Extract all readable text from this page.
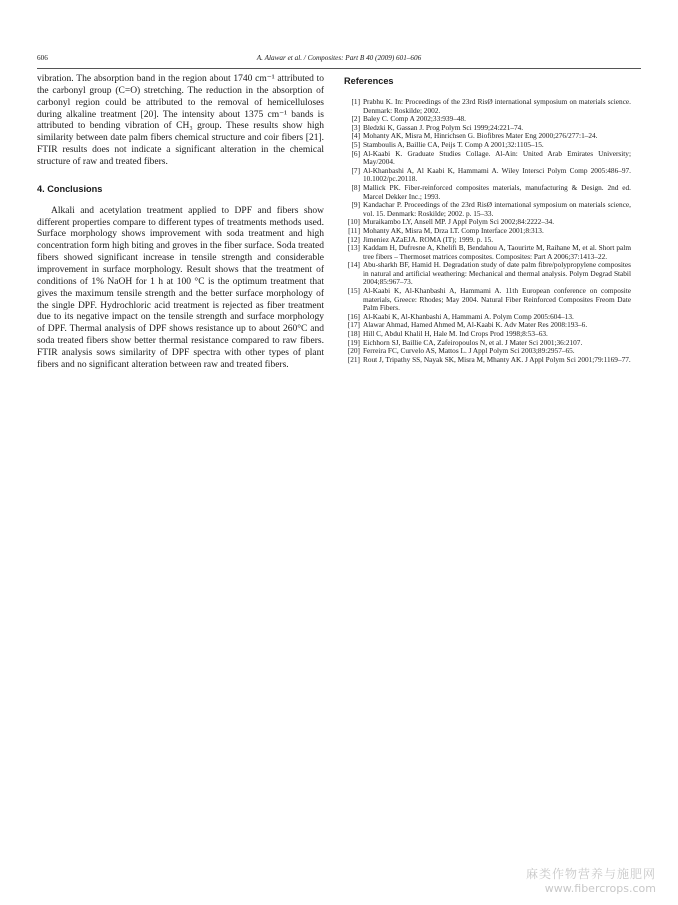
606	A. Alawar et al. / Composites: Part B 40 (2009) 601–606

vibration. The absorption band in the region about 1740 cm⁻¹ attributed to the carbonyl group (C=O) stretching. The reduction in the absorption of carbonyl region could be attributed to the removal of hemicelluloses during alkaline treatment [20]. The intensity about 1375 cm⁻¹ bands is attributed to bending vibration of CH₃ group. These results show high similarity between date palm fibers chemical structure and coir fibers [21]. FTIR results does not indicate a significant alteration in the chemical structure of raw and treated fibers.

4. Conclusions

Alkali and acetylation treatment applied to DPF and fibers show different properties compare to different types of treatments methods used. Surface morphology shows improvement with soda treatment and high concentration form high biting and groves in the fiber surface. Soda treated fibers showed significant increase in tensile strength and considerable improvement in surface morphology. Result shows that the treatment of conditions of 1% NaOH for 1 h at 100 °C is the optimum treatment that gives the maximum tensile strength and the better surface morphology of the single DPF. Hydrochloric acid treatment is rejected as fiber treatment due to its negative impact on the tensile strength and surface morphology of DPF. Thermal analysis of DPF shows resistance up to about 260°C and soda treated fibers show better thermal resistance compared to raw fibers. FTIR analysis sows similarity of DPF spectra with other types of plant fibers and no significant alteration between raw and treated fibers.

References
[1] Prabhu K. In: Proceedings of the 23rd RisØ international symposium on materials science. Denmark: Roskilde; 2002.
[2] Baley C. Comp A 2002;33:939–48.
[3] Bledzki K, Gassan J. Prog Polym Sci 1999;24:221–74.
[4] Mohanty AK, Misra M, Hinrichsen G. Biofibres Mater Eng 2000;276/277:1–24.
[5] Stamboulis A, Baillie CA, Peijs T. Comp A 2001;32:1105–15.
[6] Al-Kaabi K. Graduate Studies Collage. Al-Ain: United Arab Emirates University; May/2004.
[7] Al-Khanbashi A, Al Kaabi K, Hammami A. Wiley Intersci Polym Comp 2005:486–97. 10.1002/pc.20118.
[8] Mallick PK. Fiber-reinforced composites materials, manufacturing & Design. 2nd ed. Marcel Dekker Inc.; 1993.
[9] Kandachar P. Proceedings of the 23rd RisØ international symposium on materials science, vol. 15. Denmark: Roskilde; 2002. p. 15–33.
[10] Muraikambo LY, Ansell MP. J Appl Polym Sci 2002;84:2222–34.
[11] Mohanty AK, Misra M, Drza LT. Comp Interface 2001;8:313.
[12] Jimeniez AZaEJA. ROMA (IT); 1999. p. 15.
[13] Kaddam H, Dufresne A, Khelifi B, Bendahou A, Taourirte M, Raihane M, et al. Short palm tree fibers – Thermoset matrices composites. Composites: Part A 2006;37:1413–22.
[14] Abu-sharkh BF, Hamid H. Degradation study of date palm fibre/polypropylene composites in natural and artificial weathering: Mechanical and thermal analysis. Polym Degrad Stabil 2004;85:967–73.
[15] Al-Kaabi K, Al-Khanbashi A, Hammami A. 11th European conference on composite materials, Greece: Rhodes; May 2004. Natural Fiber Reinforced Composites Freom Date Palm Fibers.
[16] Al-Kaabi K, Al-Khanbashi A, Hammami A. Polym Comp 2005:604–13.
[17] Alawar Ahmad, Hamed Ahmed M, Al-Kaabi K. Adv Mater Res 2008:193–6.
[18] Hill C, Abdul Khalil H, Hale M. Ind Crops Prod 1998;8:53–63.
[19] Eichhorn SJ, Baillie CA, Zafeiropoulos N, et al. J Mater Sci 2001;36:2107.
[20] Ferreira FC, Curvelo AS, Mattos L. J Appl Polym Sci 2003;89:2957–65.
[21] Rout J, Tripathy SS, Nayak SK, Misra M, Mhanty AK. J Appl Polym Sci 2001;79:1169–77.
麻类作物营养与施肥网
www.fibercrops.com
